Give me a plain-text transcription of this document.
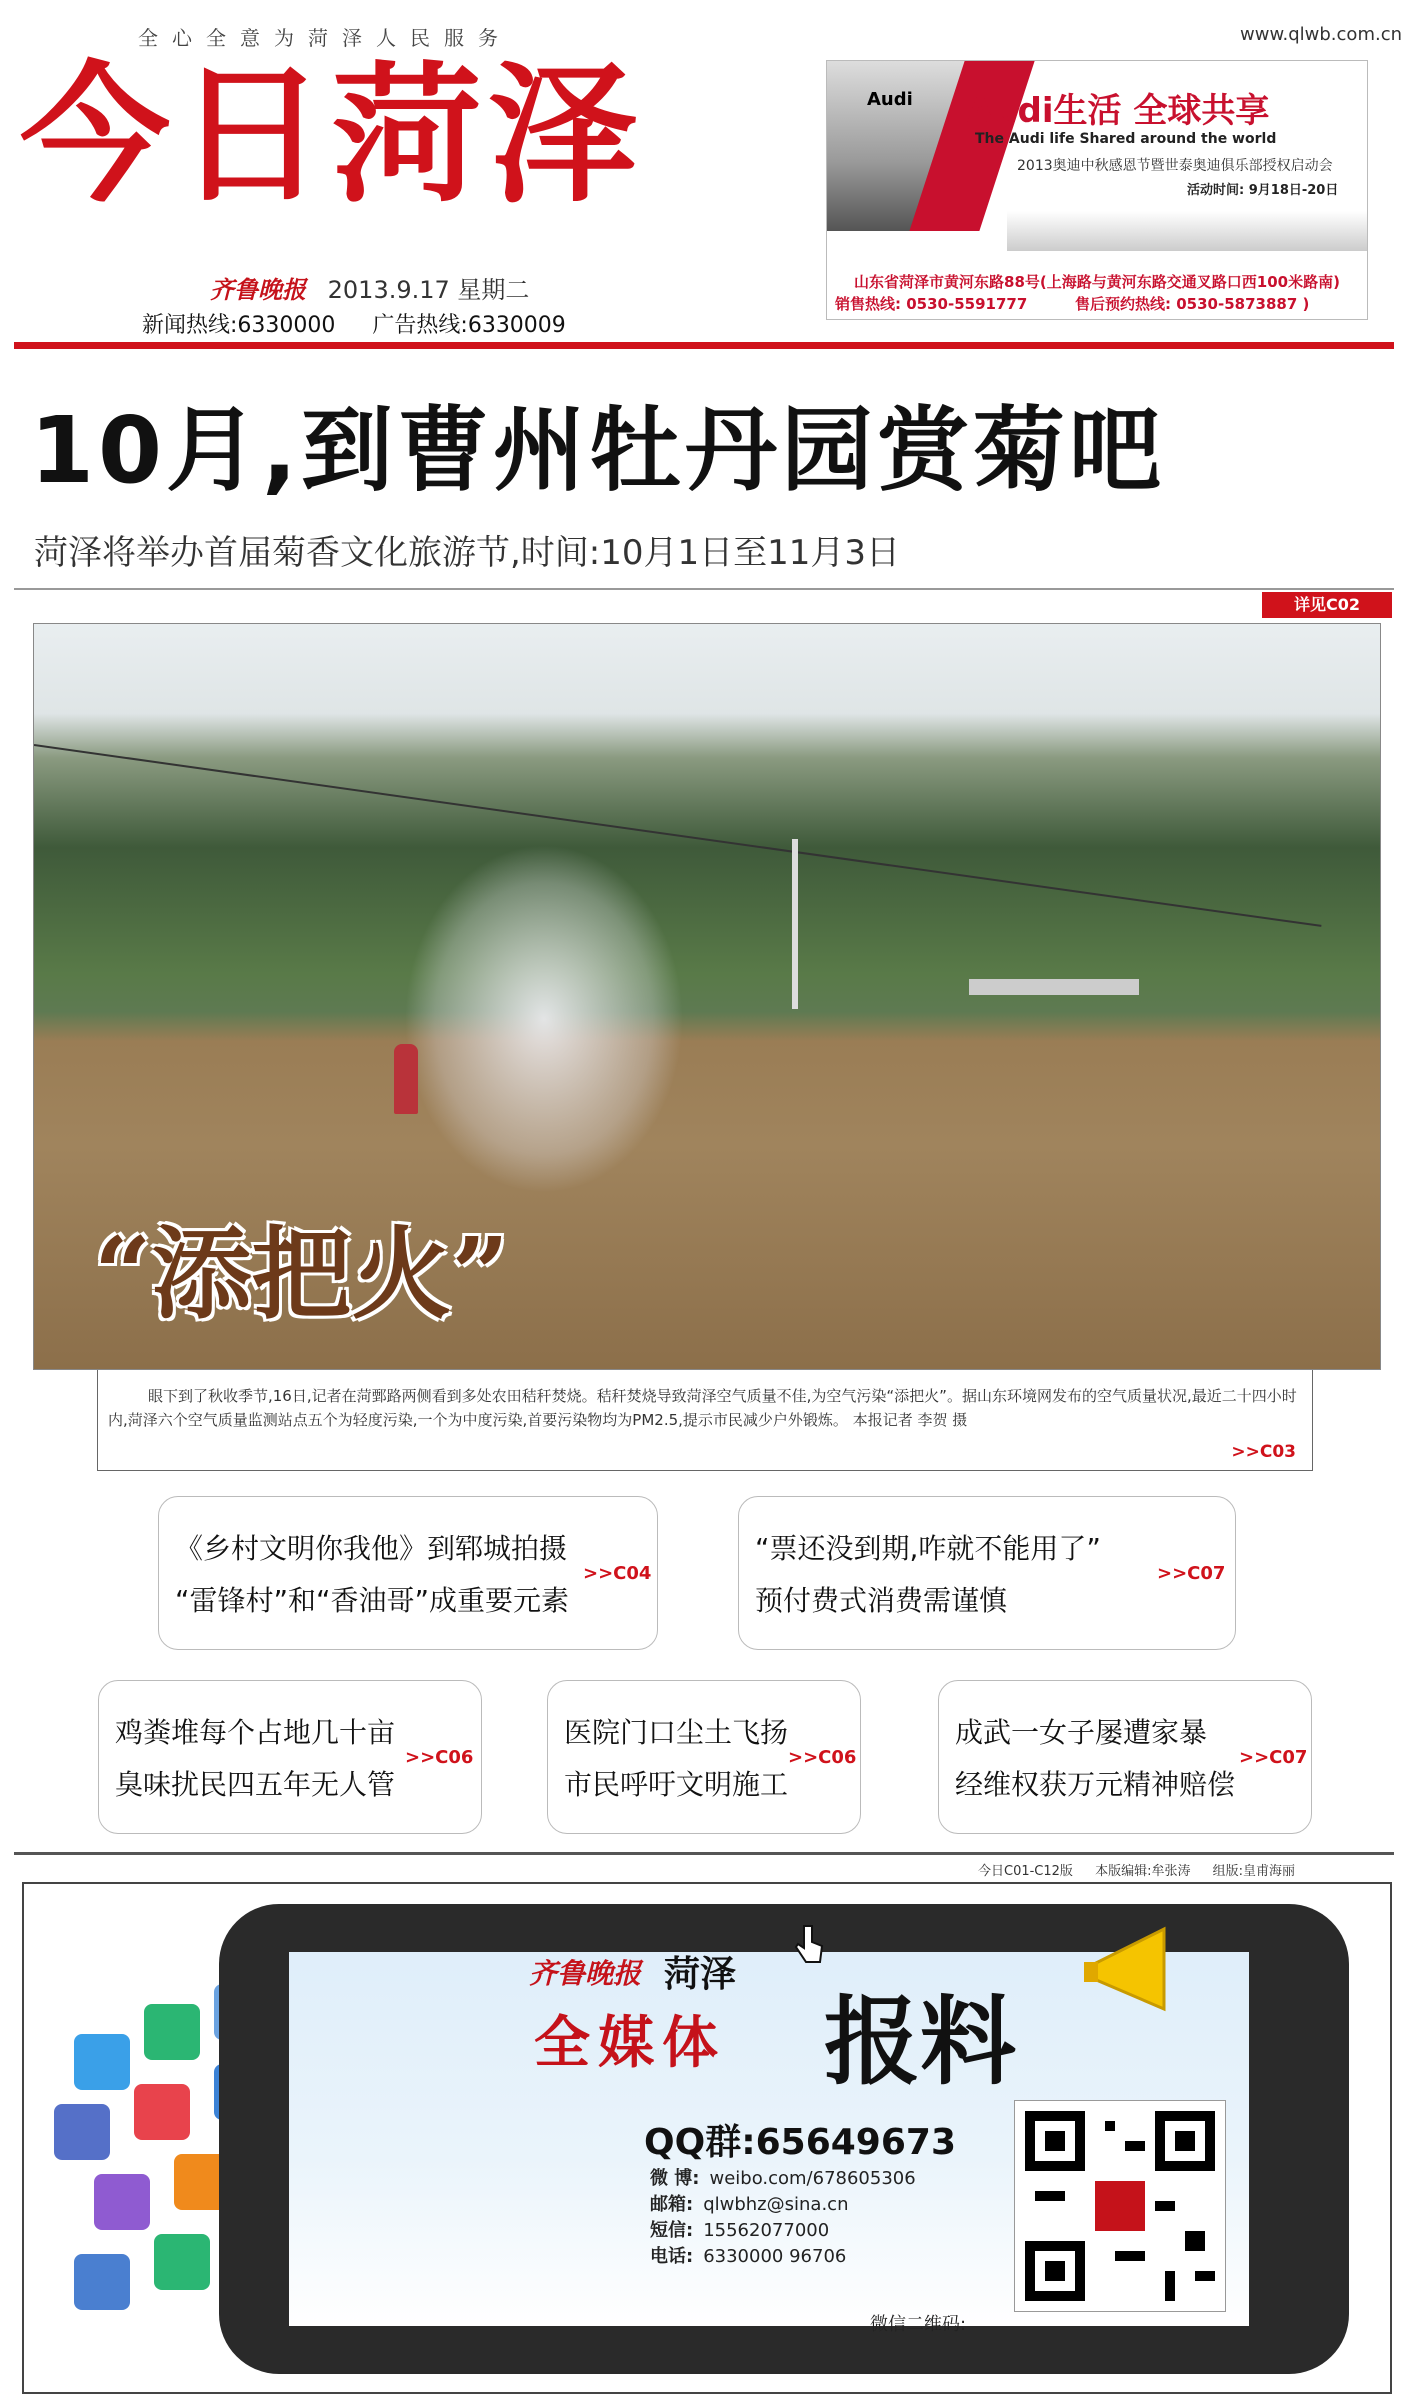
全心全意为菏泽人民服务	www.qlwb.com.cn
今日菏泽
齐鲁晚报 2013.9.17 星期二
新闻热线:6330000 广告热线:6330009
Audi Audi生活 全球共享
The Audi life Shared around the world
2013奥迪中秋感恩节暨世泰奥迪俱乐部授权启动会
活动时间: 9月18日-20日
山东省菏泽市黄河东路88号(上海路与黄河东路交通叉路口西100米路南)
销售热线: 0530-5591777	售后预约热线: 0530-5873887 )
10月,到曹州牡丹园赏菊吧
菏泽将举办首届菊香文化旅游节,时间:10月1日至11月3日
详见C02
“添把火”
眼下到了秋收季节,16日,记者在菏鄄路两侧看到多处农田秸秆焚烧。秸秆焚烧导致菏泽空气质量不佳,为空气污染“添把火”。据山东环境网发布的空气质量状况,最近二十四小时内,菏泽六个空气质量监测站点五个为轻度污染,一个为中度污染,首要污染物均为PM2.5,提示市民减少户外锻炼。 本报记者 李贺 摄
>>C03
《乡村文明你我他》到郓城拍摄
“雷锋村”和“香油哥”成重要元素
>>C04
“票还没到期,咋就不能用了”
预付费式消费需谨慎
>>C07
鸡粪堆每个占地几十亩
臭味扰民四五年无人管
>>C06
医院门口尘土飞扬
市民呼吁文明施工
>>C06
成武一女子屡遭家暴
经维权获万元精神赔偿
>>C07
今日C01-C12版 本版编辑:牟张涛 组版:皇甫海丽
齐鲁晚报 菏泽
全媒体 报料
QQ群:65649673
微 博: weibo.com/678605306
邮箱: qlwbhz@sina.cn
短信: 15562077000
电话: 6330000 96706
微信二维码:
